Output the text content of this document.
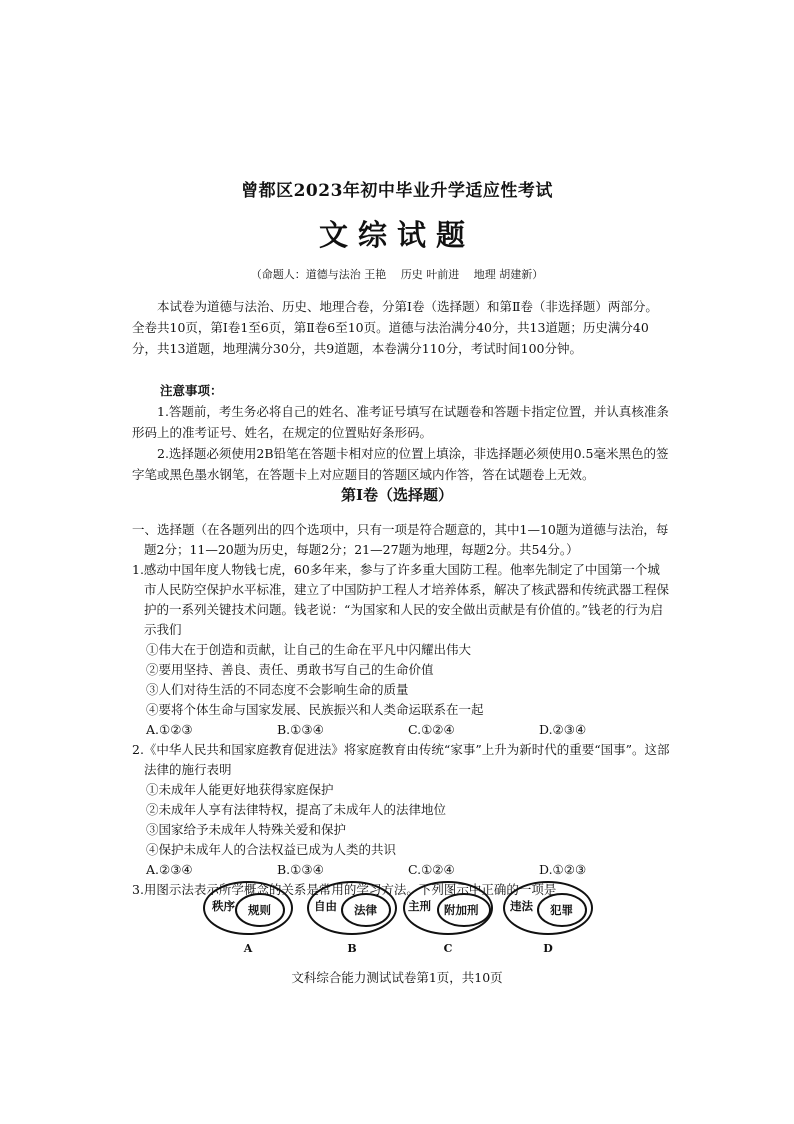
曾都区2023年初中毕业升学适应性考试
文综试题
（命题人：道德与法治 王艳　 历史 叶前进　 地理 胡建新）
本试卷为道德与法治、历史、地理合卷，分第Ⅰ卷（选择题）和第Ⅱ卷（非选择题）两部分。全卷共10页，第Ⅰ卷1至6页，第Ⅱ卷6至10页。道德与法治满分40分，共13道题；历史满分40分，共13道题，地理满分30分，共9道题，本卷满分110分，考试时间100分钟。
注意事项：
1.答题前，考生务必将自己的姓名、准考证号填写在试题卷和答题卡指定位置，并认真核准条形码上的准考证号、姓名，在规定的位置贴好条形码。
2.选择题必须使用2B铅笔在答题卡相对应的位置上填涂，非选择题必须使用0.5毫米黑色的签字笔或黑色墨水钢笔，在答题卡上对应题目的答题区域内作答，答在试题卷上无效。
第Ⅰ卷（选择题）
一、选择题（在各题列出的四个选项中，只有一项是符合题意的，其中1—10题为道德与法治，每题2分；11—20题为历史，每题2分；21—27题为地理，每题2分。共54分。）
1.感动中国年度人物钱七虎，60多年来，参与了许多重大国防工程。他率先制定了中国第一个城市人民防空保护水平标准，建立了中国防护工程人才培养体系，解决了核武器和传统武器工程保护的一系列关键技术问题。钱老说：“为国家和人民的安全做出贡献是有价值的。”钱老的行为启示我们
①伟大在于创造和贡献，让自己的生命在平凡中闪耀出伟大
②要用坚持、善良、责任、勇敢书写自己的生命价值
③人们对待生活的不同态度不会影响生命的质量
④要将个体生命与国家发展、民族振兴和人类命运联系在一起
A.①②③	B.①③④	C.①②④	D.②③④
2.《中华人民共和国家庭教育促进法》将家庭教育由传统“家事”上升为新时代的重要“国事”。这部法律的施行表明
①未成年人能更好地获得家庭保护
②未成年人享有法律特权，提高了未成年人的法律地位
③国家给予未成年人特殊关爱和保护
④保护未成年人的合法权益已成为人类的共识
A.②③④	B.①③④	C.①②④	D.①②③
3.用图示法表示所学概念的关系是常用的学习方法。下列图示中正确的一项是
秩序 规则
A
自由 法律
B
主刑 附加刑
C
违法 犯罪
D
文科综合能力测试试卷第1页，共10页
